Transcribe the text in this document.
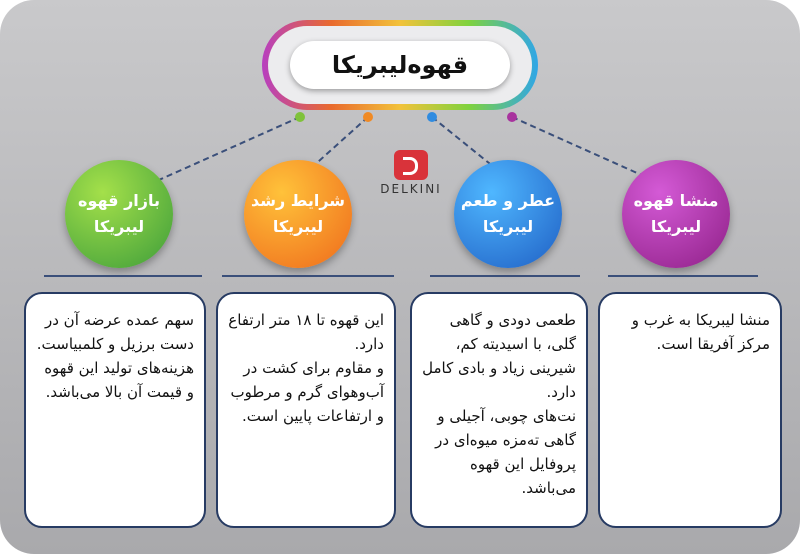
قهوه‌لیبریکا
DELKINI
منشا قهوه
لیبریکا
عطر و طعم
لیبریکا
شرایط رشد
لیبریکا
بازار قهوه
لیبریکا

منشا لیبریکا به غرب و مرکز آفریقا است.

طعمی دودی و گاهی گلی، با اسیدیته کم، شیرینی زیاد و بادی کامل دارد.

نت‌های چوبی، آجیلی و گاهی ته‌مزه میوه‌ای در پروفایل این قهوه می‌باشد.

این قهوه تا ۱۸ متر ارتفاع دارد.

و مقاوم برای کشت در آب‌وهوای گرم و مرطوب و ارتفاعات پایین است.

سهم عمده عرضه آن در دست برزیل و کلمبیاست.

هزینه‌های تولید این قهوه و قیمت آن بالا می‌باشد.
